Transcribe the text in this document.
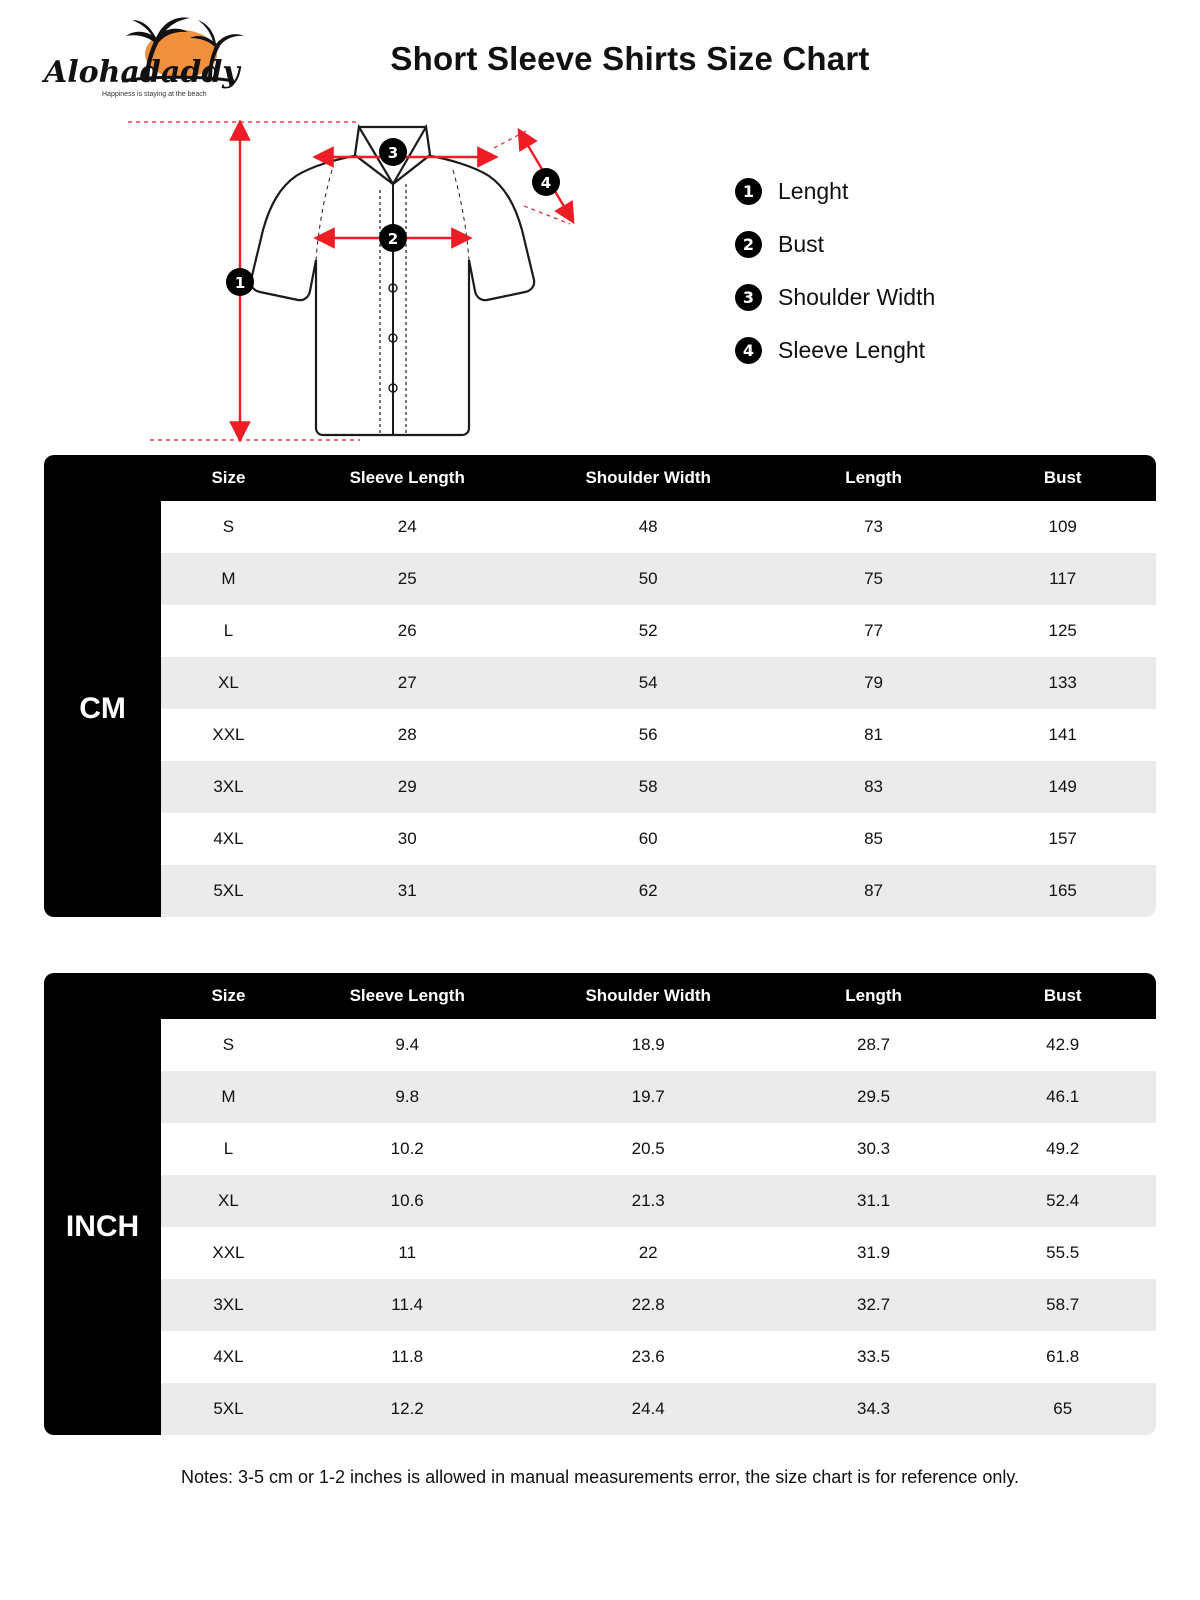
Alohadaddy
Happiness is staying at the beach
Short Sleeve Shirts Size Chart
1
2
3
4	1	Lenght
2	Bust
3	Shoulder Width
4	Sleeve Lenght
	Size	Sleeve Length	Shoulder Width	Length	Bust
CM	S	24	48	73	109
	M	25	50	75	117
	L	26	52	77	125
	XL	27	54	79	133
	XXL	28	56	81	141
	3XL	29	58	83	149
	4XL	30	60	85	157
	5XL	31	62	87	165
	Size	Sleeve Length	Shoulder Width	Length	Bust
INCH	S	9.4	18.9	28.7	42.9
	M	9.8	19.7	29.5	46.1
	L	10.2	20.5	30.3	49.2
	XL	10.6	21.3	31.1	52.4
	XXL	11	22	31.9	55.5
	3XL	11.4	22.8	32.7	58.7
	4XL	11.8	23.6	33.5	61.8
	5XL	12.2	24.4	34.3	65
Notes: 3-5 cm or 1-2 inches is allowed in manual measurements error, the size chart is for reference only.
